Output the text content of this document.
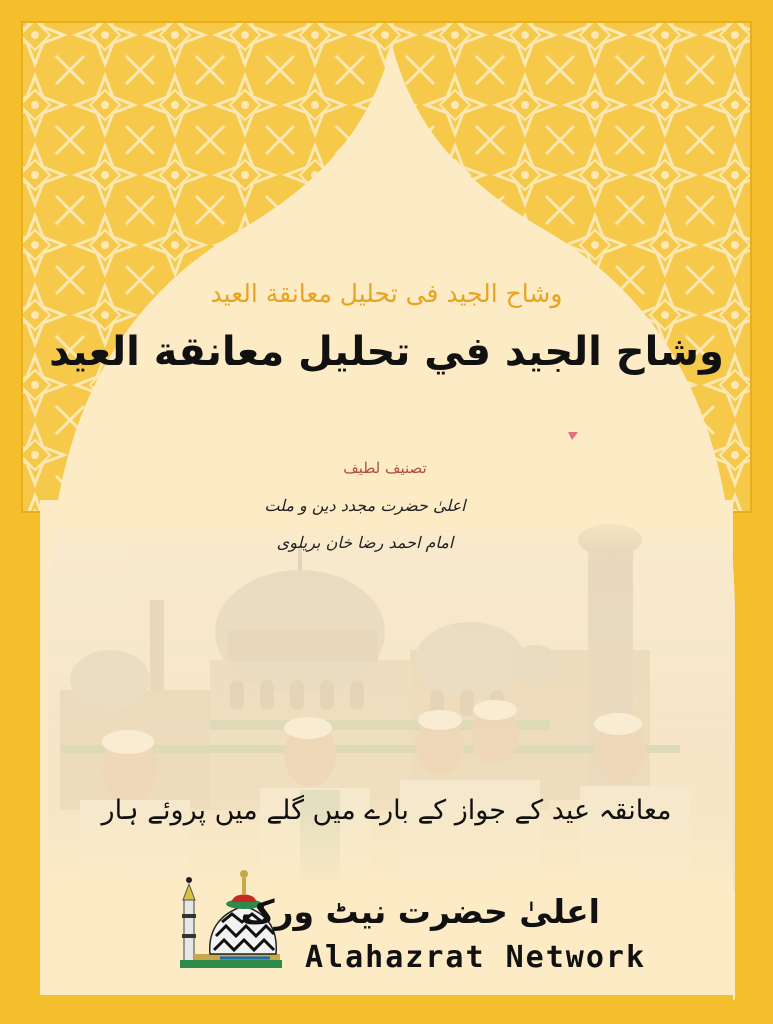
وشاح الجید فی تحلیل معانقة العید
وشاح الجيد في تحليل معانقة العيد
تصنیف لطیف
اعلیٰ حضرت مجدد دین و ملت
امام احمد رضا خان بریلوی
معانقہ عید کے جواز کے بارے میں گلے میں پروئے ہار
اعلیٰ حضرت نیٹ ورک
Alahazrat Network
